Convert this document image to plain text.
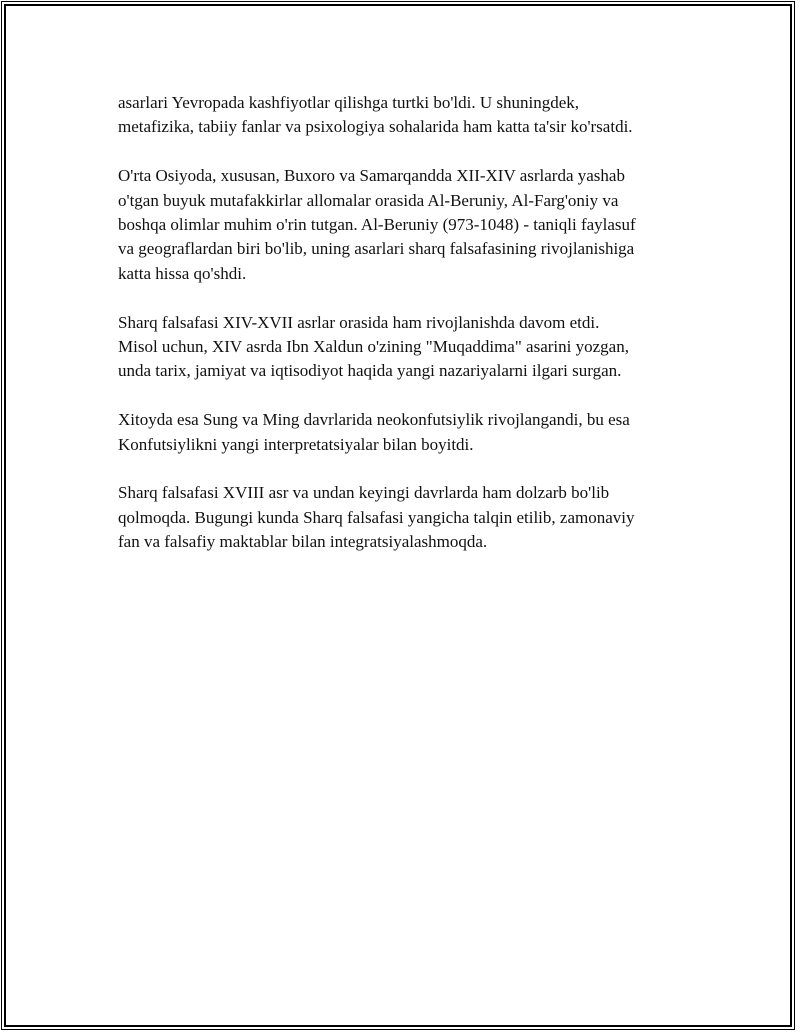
asarlari Yevropada kashfiyotlar qilishga turtki bo'ldi. U shuningdek,
metafizika, tabiiy fanlar va psixologiya sohalarida ham katta ta'sir ko'rsatdi.

O'rta Osiyoda, xususan, Buxoro va Samarqandda XII-XIV asrlarda yashab
o'tgan buyuk mutafakkirlar allomalar orasida Al-Beruniy, Al-Farg'oniy va
boshqa olimlar muhim o'rin tutgan. Al-Beruniy (973-1048) - taniqli faylasuf
va geograflardan biri bo'lib, uning asarlari sharq falsafasining rivojlanishiga
katta hissa qo'shdi.

Sharq falsafasi XIV-XVII asrlar orasida ham rivojlanishda davom etdi.
Misol uchun, XIV asrda Ibn Xaldun o'zining "Muqaddima" asarini yozgan,
unda tarix, jamiyat va iqtisodiyot haqida yangi nazariyalarni ilgari surgan.

Xitoyda esa Sung va Ming davrlarida neokonfutsiylik rivojlangandi, bu esa
Konfutsiylikni yangi interpretatsiyalar bilan boyitdi.

Sharq falsafasi XVIII asr va undan keyingi davrlarda ham dolzarb bo'lib
qolmoqda. Bugungi kunda Sharq falsafasi yangicha talqin etilib, zamonaviy
fan va falsafiy maktablar bilan integratsiyalashmoqda.
